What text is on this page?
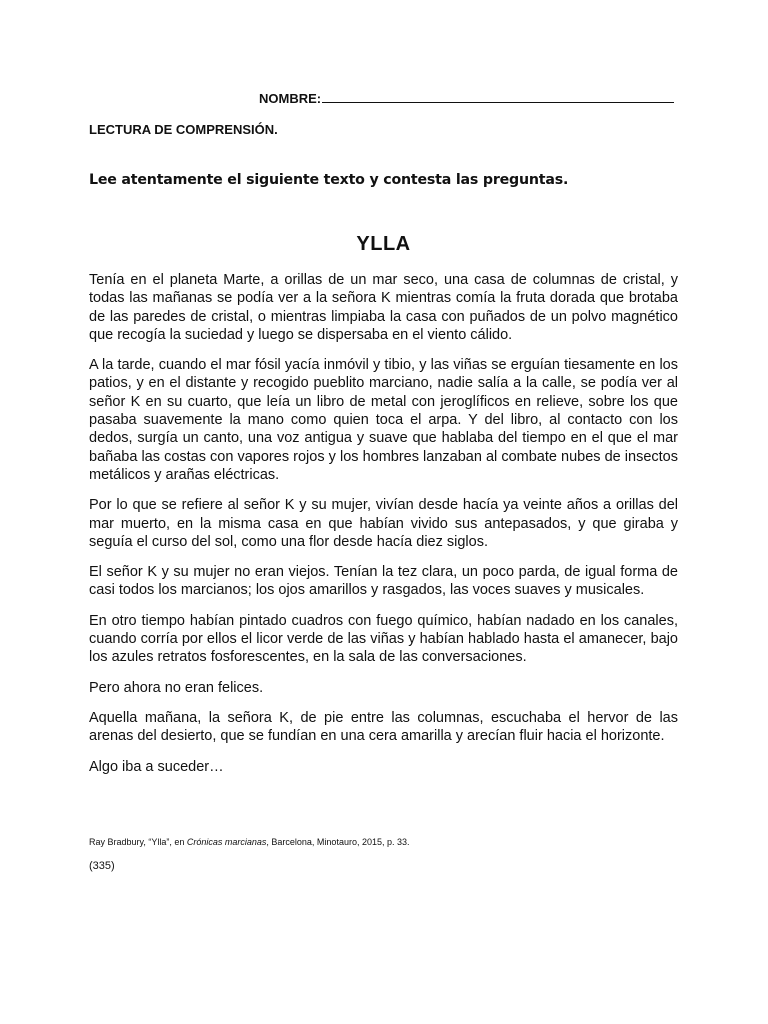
NOMBRE:
LECTURA DE COMPRENSIÓN.
Lee atentamente el siguiente texto y contesta las preguntas.
YLLA

Tenía en el planeta Marte, a orillas de un mar seco, una casa de columnas de cristal, y todas las mañanas se podía ver a la señora K mientras comía la fruta dorada que brotaba de las paredes de cristal, o mientras limpiaba la casa con puñados de un polvo magnético que recogía la suciedad y luego se dispersaba en el viento cálido.

A la tarde, cuando el mar fósil yacía inmóvil y tibio, y las viñas se erguían tiesamente en los patios, y en el distante y recogido pueblito marciano, nadie salía a la calle, se podía ver al señor K en su cuarto, que leía un libro de metal con jeroglíficos en relieve, sobre los que pasaba suavemente la mano como quien toca el arpa. Y del libro, al contacto con los dedos, surgía un canto, una voz antigua y suave que hablaba del tiempo en el que el mar bañaba las costas con vapores rojos y los hombres lanzaban al combate nubes de insectos metálicos y arañas eléctricas.

Por lo que se refiere al señor K y su mujer, vivían desde hacía ya veinte años a orillas del mar muerto, en la misma casa en que habían vivido sus antepasados, y que giraba y seguía el curso del sol, como una flor desde hacía diez siglos.

El señor K y su mujer no eran viejos. Tenían la tez clara, un poco parda, de igual forma de casi todos los marcianos; los ojos amarillos y rasgados, las voces suaves y musicales.

En otro tiempo habían pintado cuadros con fuego químico, habían nadado en los canales, cuando corría por ellos el licor verde de las viñas y habían hablado hasta el amanecer, bajo los azules retratos fosforescentes, en la sala de las conversaciones.

Pero ahora no eran felices.

Aquella mañana, la señora K, de pie entre las columnas, escuchaba el hervor de las arenas del desierto, que se fundían en una cera amarilla y arecían fluir hacia el horizonte.

Algo iba a suceder…

Ray Bradbury, “Ylla”, en Crónicas marcianas, Barcelona, Minotauro, 2015, p. 33.
(335)
